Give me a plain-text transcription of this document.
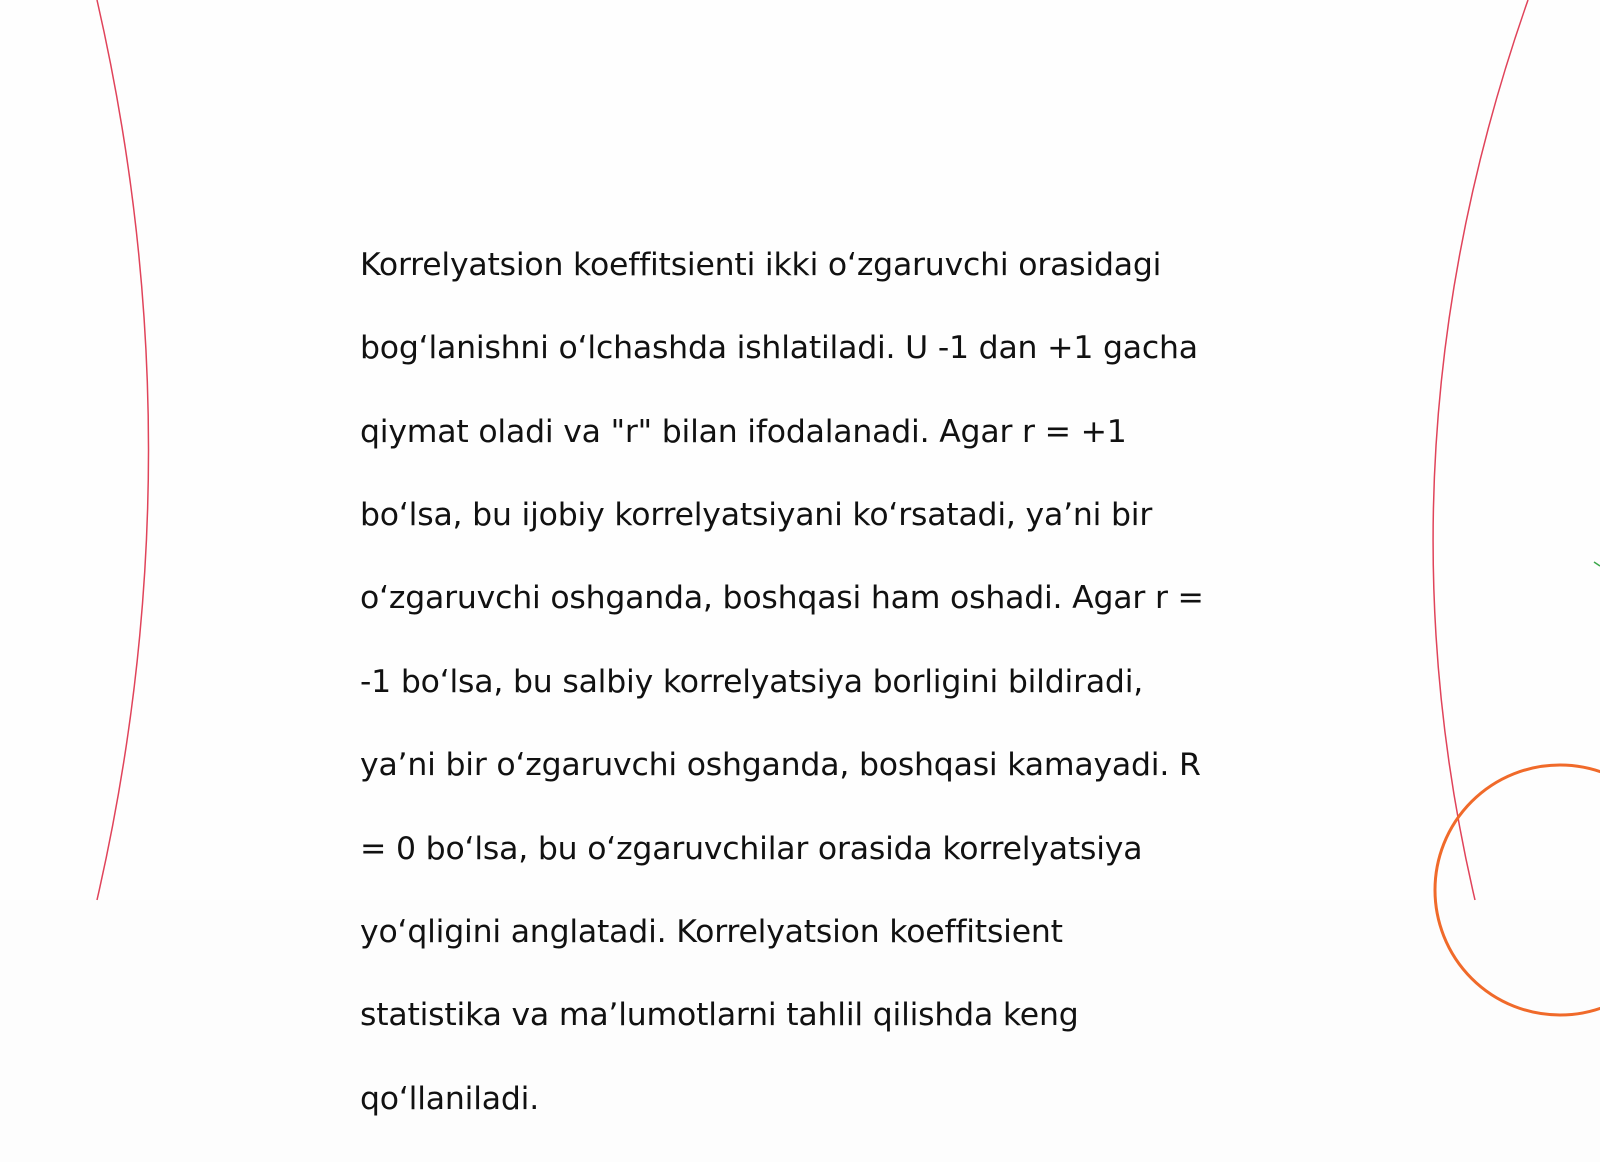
Korrelyatsion koeffitsienti ikki oʻzgaruvchi orasidagi

bogʻlanishni oʻlchashda ishlatiladi. U -1 dan +1 gacha

qiymat oladi va "r" bilan ifodalanadi. Agar r = +1

boʻlsa, bu ijobiy korrelyatsiyani koʻrsatadi, yaʼni bir

oʻzgaruvchi oshganda, boshqasi ham oshadi. Agar r =

-1 boʻlsa, bu salbiy korrelyatsiya borligini bildiradi,

yaʼni bir oʻzgaruvchi oshganda, boshqasi kamayadi. R

= 0 boʻlsa, bu oʻzgaruvchilar orasida korrelyatsiya

yoʻqligini anglatadi. Korrelyatsion koeffitsient

statistika va maʼlumotlarni tahlil qilishda keng

qoʻllaniladi.
